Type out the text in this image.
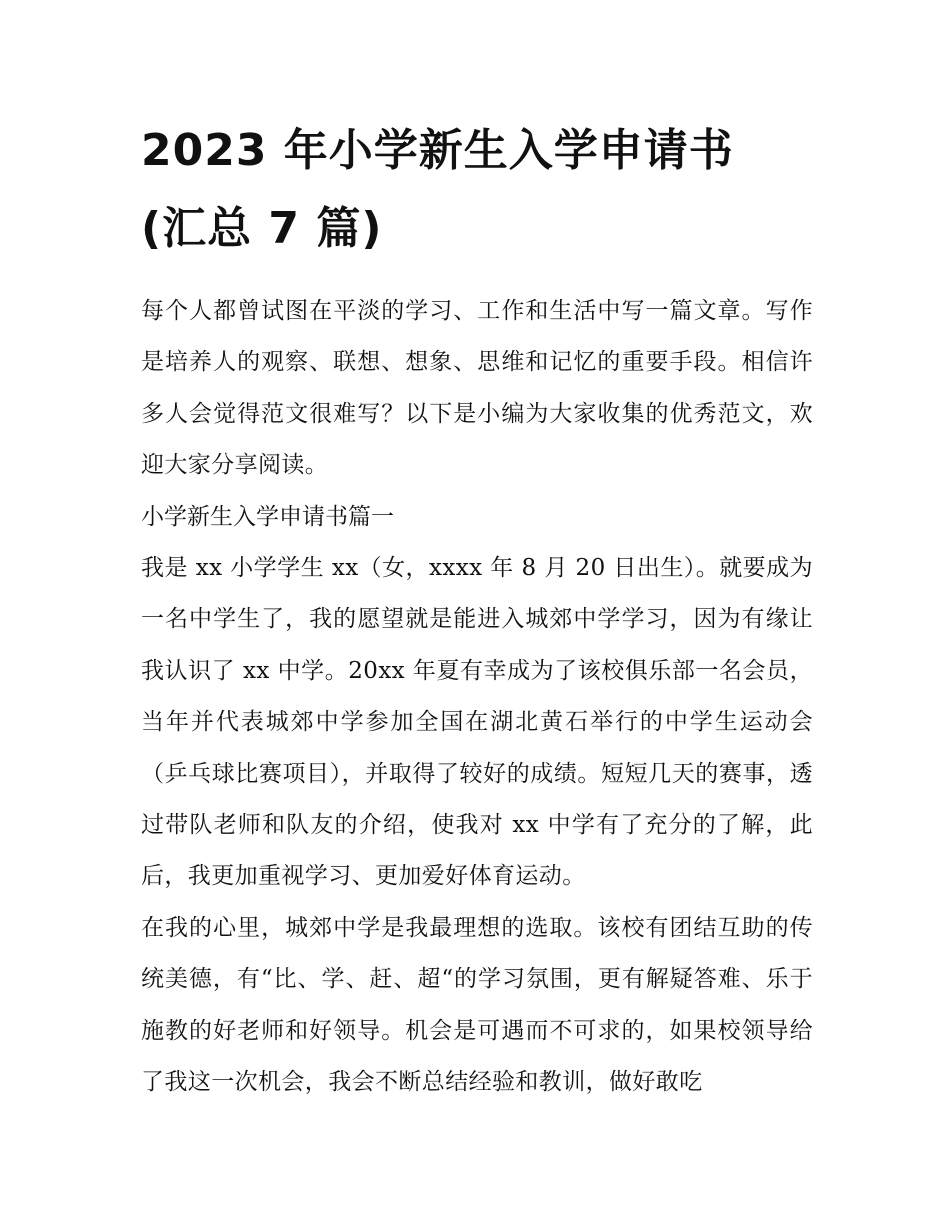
2023 年小学新生入学申请书
(汇总 7 篇)

每个人都曾试图在平淡的学习、工作和生活中写一篇文章。写作是培养人的观察、联想、想象、思维和记忆的重要手段。相信许多人会觉得范文很难写？以下是小编为大家收集的优秀范文，欢迎大家分享阅读。

小学新生入学申请书篇一

我是 xx 小学学生 xx（女，xxxx 年 8 月 20 日出生）。就要成为一名中学生了，我的愿望就是能进入城郊中学学习，因为有缘让我认识了 xx 中学。20xx 年夏有幸成为了该校俱乐部一名会员，当年并代表城郊中学参加全国在湖北黄石举行的中学生运动会（乒乓球比赛项目），并取得了较好的成绩。短短几天的赛事，透过带队老师和队友的介绍，使我对 xx 中学有了充分的了解，此后，我更加重视学习、更加爱好体育运动。

在我的心里，城郊中学是我最理想的选取。该校有团结互助的传统美德，有“比、学、赶、超“的学习氛围，更有解疑答难、乐于施教的好老师和好领导。机会是可遇而不可求的，如果校领导给了我这一次机会，我会不断总结经验和教训，做好敢吃
